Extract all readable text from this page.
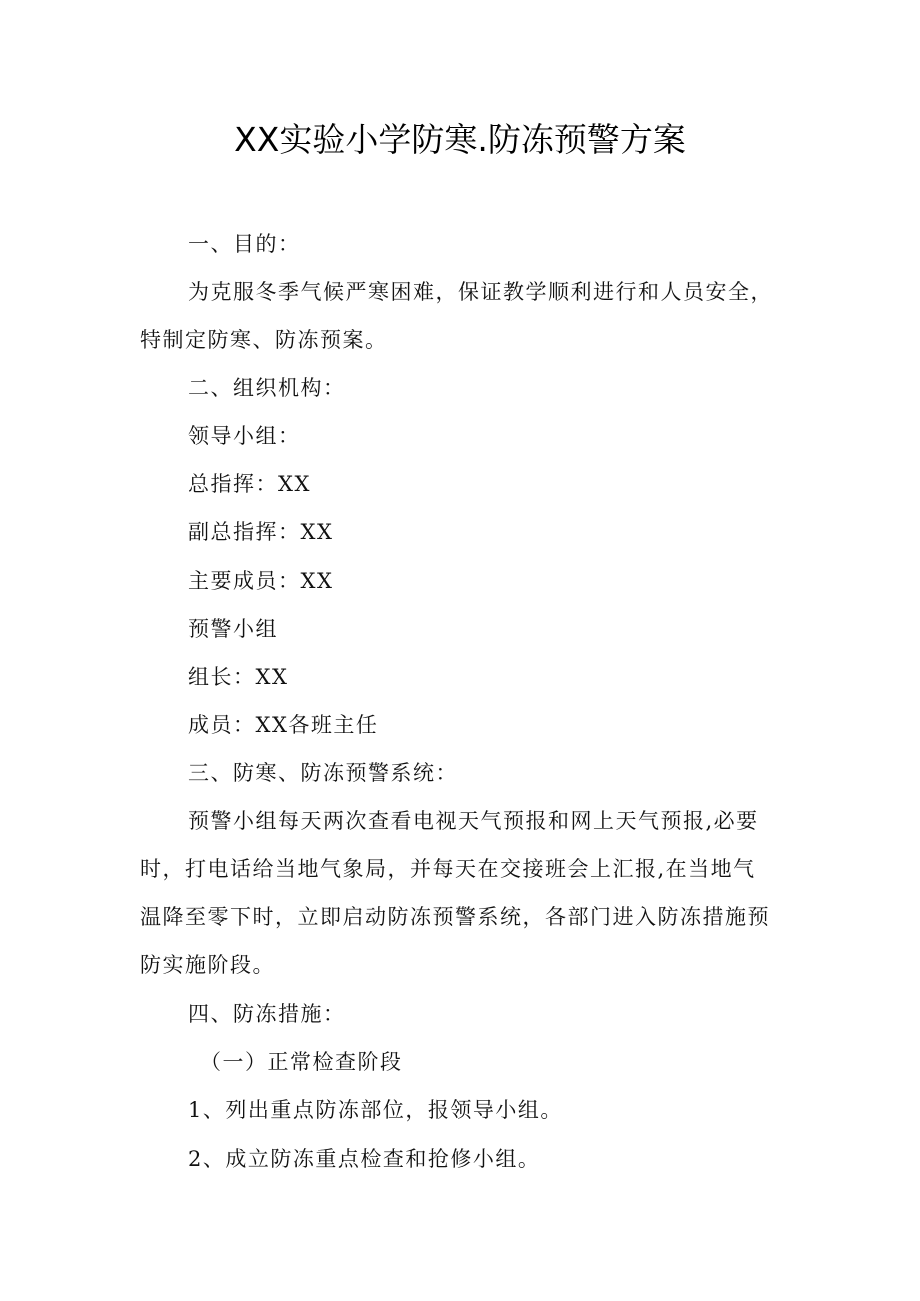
XX实验小学防寒.防冻预警方案
一、目的：
为克服冬季气候严寒困难，保证教学顺利进行和人员安全，
特制定防寒、防冻预案。
二、组织机构：
领导小组：
总指挥：XX
副总指挥：XX
主要成员：XX
预警小组
组长：XX
成员：XX各班主任
三、防寒、防冻预警系统：
预警小组每天两次查看电视天气预报和网上天气预报,必要
时，打电话给当地气象局，并每天在交接班会上汇报,在当地气
温降至零下时，立即启动防冻预警系统，各部门进入防冻措施预
防实施阶段。
四、防冻措施：
（一）正常检查阶段
1、列出重点防冻部位，报领导小组。
2、成立防冻重点检查和抢修小组。
